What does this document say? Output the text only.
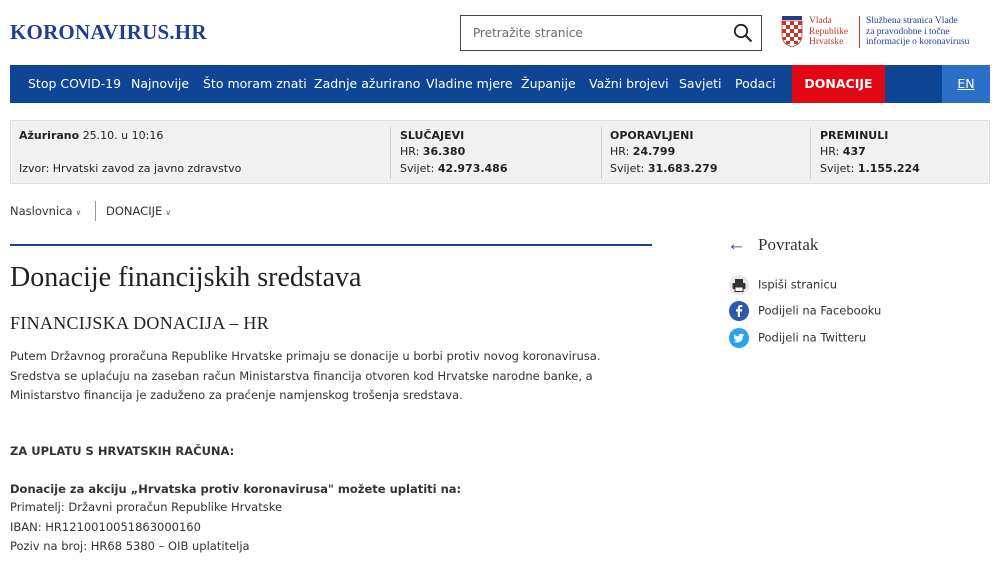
KORONAVIRUS.HR
Pretražite stranice	Vlada
Republike
Hrvatske
Službena stranica Vlade
za pravodobne i točne
informacije o koronavirusu
Stop COVID-19 Najnovije Što moram znati Zadnje ažurirano Vladine mjere Županije Važni brojevi Savjeti Podaci	DONACIJE	EN
Ažurirano 25.10. u 10:16
Izvor: Hrvatski zavod za javno zdravstvo
SLUČAJEVI
HR: 36.380
Svijet: 42.973.486
OPORAVLJENI
HR: 24.799
Svijet: 31.683.279
PREMINULI
HR: 437
Svijet: 1.155.224
Naslovnica ∨ DONACIJE ∨
Donacije financijskih sredstava
FINANCIJSKA DONACIJA – HR
Putem Državnog proračuna Republike Hrvatske primaju se donacije u borbi protiv novog koronavirusa.
Sredstva se uplaćuju na zaseban račun Ministarstva financija otvoren kod Hrvatske narodne banke, a
Ministarstvo financija je zaduženo za praćenje namjenskog trošenja sredstava.
ZA UPLATU S HRVATSKIH RAČUNA:
Donacije za akciju „Hrvatska protiv koronavirusa" možete uplatiti na:
Primatelj: Državni proračun Republike Hrvatske
IBAN: HR1210010051863000160
Poziv na broj: HR68 5380 – OIB uplatitelja
← Povratak
Ispiši stranicu
Podijeli na Facebooku
Podijeli na Twitteru
